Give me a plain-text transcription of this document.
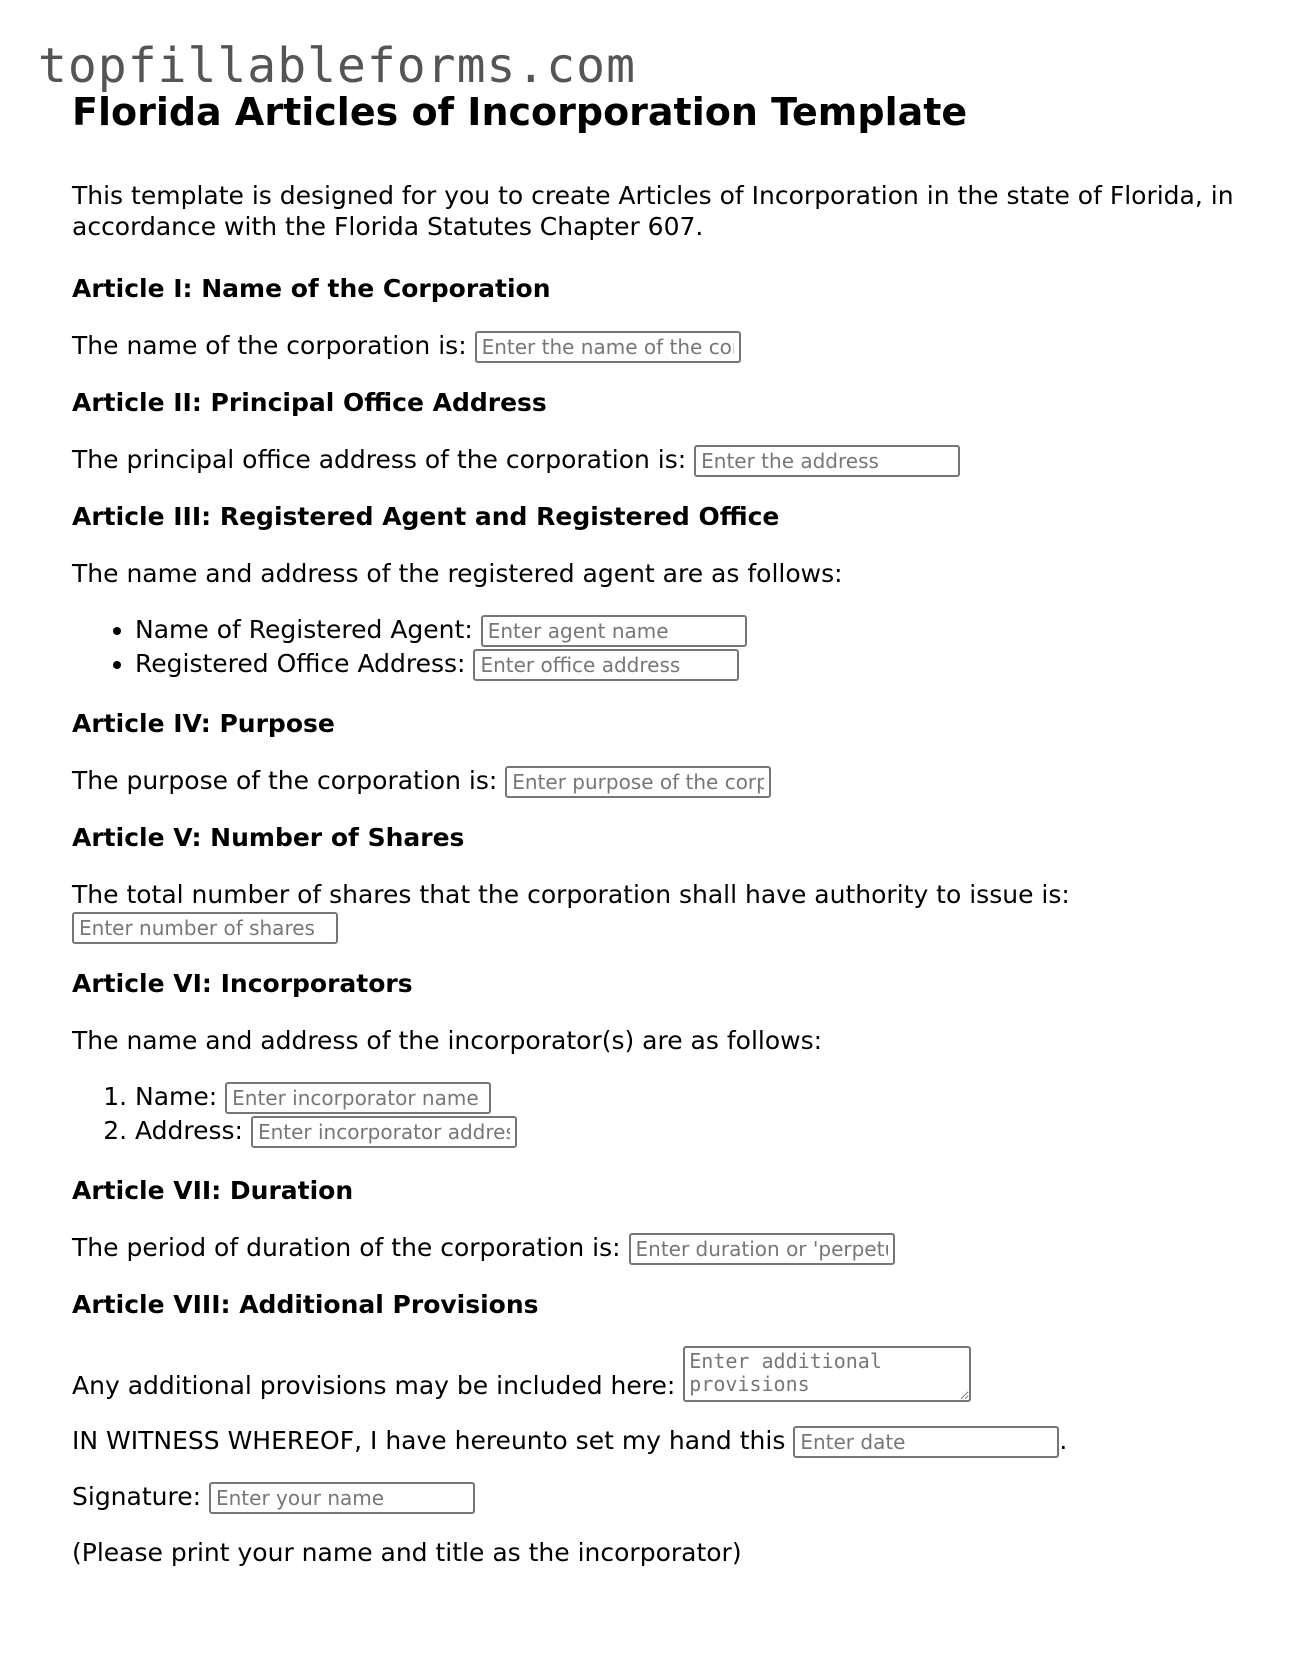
topfillableforms.com
Florida Articles of Incorporation Template

This template is designed for you to create Articles of Incorporation in the state of Florida, in accordance with the Florida Statutes Chapter 607.

Article I: Name of the Corporation

The name of the corporation is: Enter the name of the corporation

Article II: Principal Office Address

The principal office address of the corporation is: Enter the address

Article III: Registered Agent and Registered Office

The name and address of the registered agent are as follows:

• Name of Registered Agent: Enter agent name
• Registered Office Address: Enter office address
Article IV: Purpose

The purpose of the corporation is: Enter purpose of the corporation

Article V: Number of Shares

The total number of shares that the corporation shall have authority to issue is:
Enter number of shares

Article VI: Incorporators

The name and address of the incorporator(s) are as follows:

1. Name: Enter incorporator name
2. Address: Enter incorporator address
Article VII: Duration

The period of duration of the corporation is: Enter duration or 'perpetual'

Article VIII: Additional Provisions

Any additional provisions may be included here: Enter additional provisions

IN WITNESS WHEREOF, I have hereunto set my hand this Enter date	.

Signature: Enter your name

(Please print your name and title as the incorporator)
